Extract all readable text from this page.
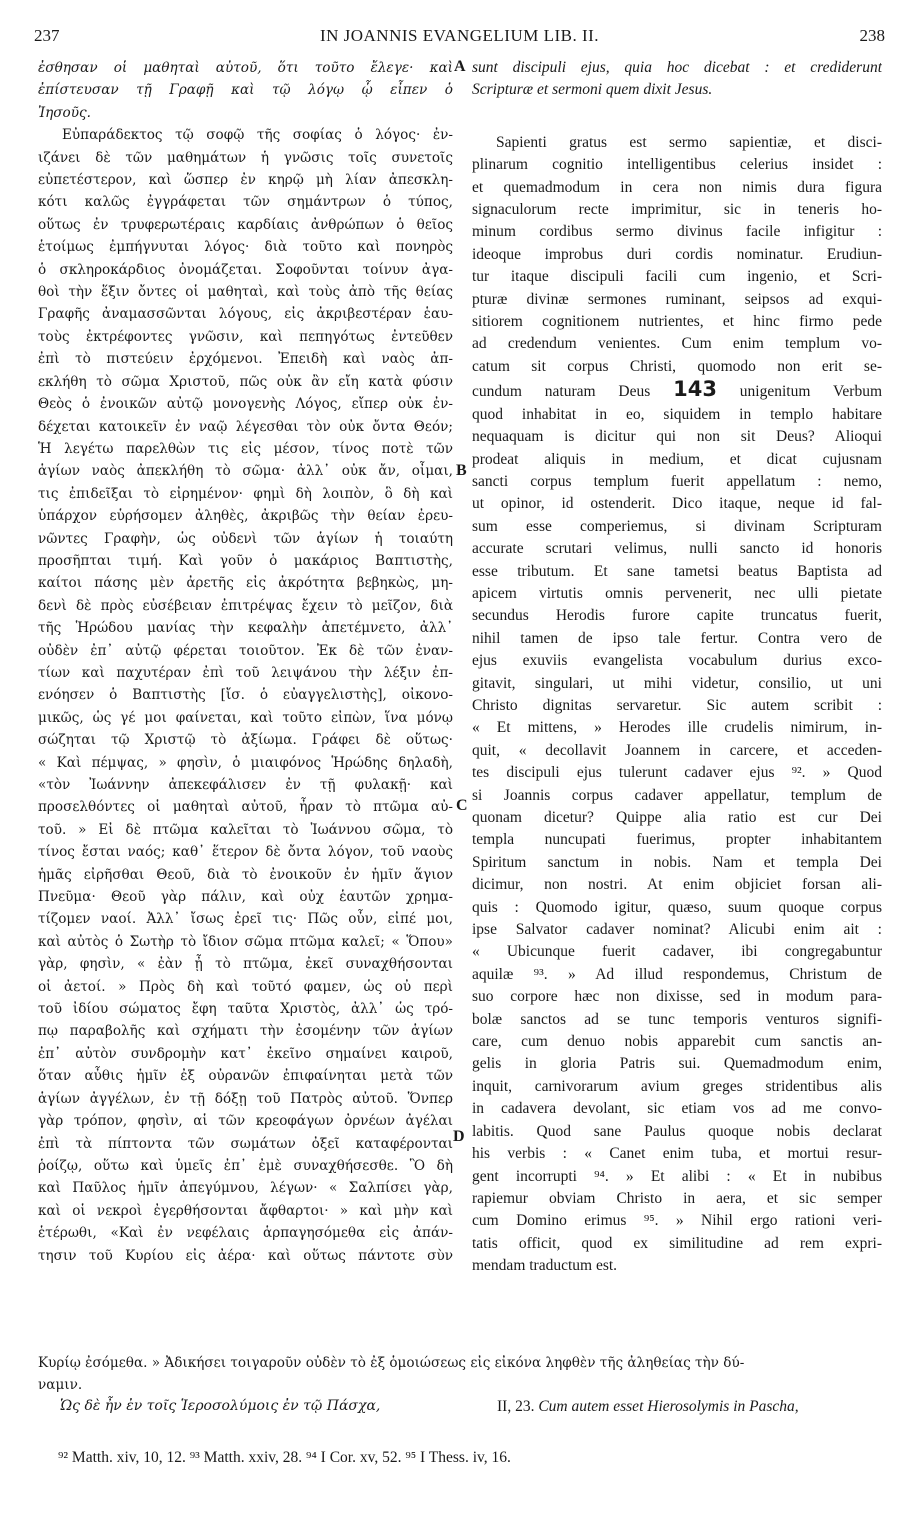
237	IN JOANNIS EVANGELIUM LIB. II.	238
A
B
C
D
ἐσθησαν οἱ μαθηταὶ αὐτοῦ, ὅτι τοῦτο ἔλεγε· καὶ
ἐπίστευσαν τῇ Γραφῇ καὶ τῷ λόγῳ ᾧ εἶπεν ὁ
Ἰησοῦς.
Εὐπαράδεκτος τῷ σοφῷ τῆς σοφίας ὁ λόγος· ἐν-
ιζάνει δὲ τῶν μαθημάτων ἡ γνῶσις τοῖς συνετοῖς
εὐπετέστερον, καὶ ὥσπερ ἐν κηρῷ μὴ λίαν ἀπεσκλη-
κότι καλῶς ἐγγράφεται τῶν σημάντρων ὁ τύπος,
οὕτως ἐν τρυφερωτέραις καρδίαις ἀνθρώπων ὁ θεῖος
ἑτοίμως ἐμπήγνυται λόγος· διὰ τοῦτο καὶ πονηρὸς
ὁ σκληροκάρδιος ὀνομάζεται. Σοφοῦνται τοίνυν ἀγα-
θοὶ τὴν ἕξιν ὄντες οἱ μαθηταὶ, καὶ τοὺς ἀπὸ τῆς θείας
Γραφῆς ἀναμασσῶνται λόγους, εἰς ἀκριβεστέραν ἑαυ-
τοὺς ἐκτρέφοντες γνῶσιν, καὶ πεπηγότως ἐντεῦθεν
ἐπὶ τὸ πιστεύειν ἐρχόμενοι. Ἐπειδὴ καὶ ναὸς ἀπ-
εκλήθη τὸ σῶμα Χριστοῦ, πῶς οὐκ ἂν εἴη κατὰ φύσιν
Θεὸς ὁ ἐνοικῶν αὐτῷ μονογενὴς Λόγος, εἴπερ οὐκ ἐν-
δέχεται κατοικεῖν ἐν ναῷ λέγεσθαι τὸν οὐκ ὄντα Θεόν;
Ἡ λεγέτω παρελθὼν τις εἰς μέσον, τίνος ποτὲ τῶν
ἁγίων ναὸς ἀπεκλήθη τὸ σῶμα· ἀλλ᾽ οὐκ ἄν, οἶμαι,
τις ἐπιδεῖξαι τὸ εἰρημένον· φημὶ δὴ λοιπὸν, ὃ δὴ καὶ
ὑπάρχον εὑρήσομεν ἀληθὲς, ἀκριβῶς τὴν θείαν ἐρευ-
νῶντες Γραφὴν, ὡς οὐδενὶ τῶν ἁγίων ἡ τοιαύτη
προσῆπται τιμή. Καὶ γοῦν ὁ μακάριος Βαπτιστὴς,
καίτοι πάσης μὲν ἀρετῆς εἰς ἀκρότητα βεβηκὼς, μη-
δενὶ δὲ πρὸς εὐσέβειαν ἐπιτρέψας ἔχειν τὸ μεῖζον, διὰ
τῆς Ἡρώδου μανίας τὴν κεφαλὴν ἀπετέμνετο, ἀλλ᾽
οὐδὲν ἐπ᾽ αὐτῷ φέρεται τοιοῦτον. Ἐκ δὲ τῶν ἐναν-
τίων καὶ παχυτέραν ἐπὶ τοῦ λειψάνου τὴν λέξιν ἐπ-
ενόησεν ὁ Βαπτιστὴς [ἴσ. ὁ εὐαγγελιστὴς], οἰκονο-
μικῶς, ὡς γέ μοι φαίνεται, καὶ τοῦτο εἰπὼν, ἵνα μόνῳ
σώζηται τῷ Χριστῷ τὸ ἀξίωμα. Γράφει δὲ οὕτως·
« Καὶ πέμψας, » φησὶν, ὁ μιαιφόνος Ἡρώδης δηλαδὴ,
«τὸν Ἰωάννην ἀπεκεφάλισεν ἐν τῇ φυλακῇ· καὶ
προσελθόντες οἱ μαθηταὶ αὐτοῦ, ἦραν τὸ πτῶμα αὐ-
τοῦ. » Εἰ δὲ πτῶμα καλεῖται τὸ Ἰωάννου σῶμα, τὸ
τίνος ἔσται ναός; καθ᾽ ἕτερον δὲ ὄντα λόγον, τοῦ ναοὺς
ἡμᾶς εἰρῆσθαι Θεοῦ, διὰ τὸ ἐνοικοῦν ἐν ἡμῖν ἅγιον
Πνεῦμα· Θεοῦ γὰρ πάλιν, καὶ οὐχ ἑαυτῶν χρημα-
τίζομεν ναοί. Ἀλλ᾽ ἴσως ἐρεῖ τις· Πῶς οὖν, εἰπέ μοι,
καὶ αὐτὸς ὁ Σωτὴρ τὸ ἴδιον σῶμα πτῶμα καλεῖ; « Ὅπου»
γὰρ, φησὶν, « ἐὰν ᾖ τὸ πτῶμα, ἐκεῖ συναχθήσονται
οἱ ἀετοί. » Πρὸς δὴ καὶ τοῦτό φαμεν, ὡς οὐ περὶ
τοῦ ἰδίου σώματος ἔφη ταῦτα Χριστὸς, ἀλλ᾽ ὡς τρό-
πῳ παραβολῆς καὶ σχήματι τὴν ἐσομένην τῶν ἁγίων
ἐπ᾽ αὐτὸν συνδρομὴν κατ᾽ ἐκεῖνο σημαίνει καιροῦ,
ὅταν αὖθις ἡμῖν ἐξ οὐρανῶν ἐπιφαίνηται μετὰ τῶν
ἁγίων ἀγγέλων, ἐν τῇ δόξῃ τοῦ Πατρὸς αὐτοῦ. Ὅνπερ
γὰρ τρόπον, φησὶν, αἱ τῶν κρεοφάγων ὀρνέων ἀγέλαι
ἐπὶ τὰ πίπτοντα τῶν σωμάτων ὀξεῖ καταφέρονται
ῥοίζῳ, οὕτω καὶ ὑμεῖς ἐπ᾽ ἐμὲ συναχθήσεσθε. Ὃ δὴ
καὶ Παῦλος ἡμῖν ἀπεγύμνου, λέγων· « Σαλπίσει γὰρ,
καὶ οἱ νεκροὶ ἐγερθήσονται ἄφθαρτοι· » καὶ μὴν καὶ
ἑτέρωθι, «Καὶ ἐν νεφέλαις ἁρπαγησόμεθα εἰς ἀπάν-
τησιν τοῦ Κυρίου εἰς ἀέρα· καὶ οὕτως πάντοτε σὺν
sunt discipuli ejus, quia hoc dicebat : et crediderunt
Scripturæ et sermoni quem dixit Jesus.
Sapienti gratus est sermo sapientiæ, et disci-
plinarum cognitio intelligentibus celerius insidet :
et quemadmodum in cera non nimis dura figura
signaculorum recte imprimitur, sic in teneris ho-
minum cordibus sermo divinus facile infigitur :
ideoque improbus duri cordis nominatur. Erudiun-
tur itaque discipuli facili cum ingenio, et Scri-
pturæ divinæ sermones ruminant, seipsos ad exqui-
sitiorem cognitionem nutrientes, et hinc firmo pede
ad credendum venientes. Cum enim templum vo-
catum sit corpus Christi, quomodo non erit se-
cundum naturam Deus 143 unigenitum Verbum
quod inhabitat in eo, siquidem in templo habitare
nequaquam is dicitur qui non sit Deus? Alioqui
prodeat aliquis in medium, et dicat cujusnam
sancti corpus templum fuerit appellatum : nemo,
ut opinor, id ostenderit. Dico itaque, neque id fal-
sum esse comperiemus, si divinam Scripturam
accurate scrutari velimus, nulli sancto id honoris
esse tributum. Et sane tametsi beatus Baptista ad
apicem virtutis omnis pervenerit, nec ulli pietate
secundus Herodis furore capite truncatus fuerit,
nihil tamen de ipso tale fertur. Contra vero de
ejus exuviis evangelista vocabulum durius exco-
gitavit, singulari, ut mihi videtur, consilio, ut uni
Christo dignitas servaretur. Sic autem scribit :
« Et mittens, » Herodes ille crudelis nimirum, in-
quit, « decollavit Joannem in carcere, et acceden-
tes discipuli ejus tulerunt cadaver ejus ⁹². » Quod
si Joannis corpus cadaver appellatur, templum de
quonam dicetur? Quippe alia ratio est cur Dei
templa nuncupati fuerimus, propter inhabitantem
Spiritum sanctum in nobis. Nam et templa Dei
dicimur, non nostri. At enim objiciet forsan ali-
quis : Quomodo igitur, quæso, suum quoque corpus
ipse Salvator cadaver nominat? Alicubi enim ait :
« Ubicunque fuerit cadaver, ibi congregabuntur
aquilæ ⁹³. » Ad illud respondemus, Christum de
suo corpore hæc non dixisse, sed in modum para-
bolæ sanctos ad se tunc temporis venturos signifi-
care, cum denuo nobis apparebit cum sanctis an-
gelis in gloria Patris sui. Quemadmodum enim,
inquit, carnivorarum avium greges stridentibus alis
in cadavera devolant, sic etiam vos ad me convo-
labitis. Quod sane Paulus quoque nobis declarat
his verbis : « Canet enim tuba, et mortui resur-
gent incorrupti ⁹⁴. » Et alibi : « Et in nubibus
rapiemur obviam Christo in aera, et sic semper
cum Domino erimus ⁹⁵. » Nihil ergo rationi veri-
tatis officit, quod ex similitudine ad rem expri-
mendam traductum est.
Κυρίῳ ἐσόμεθα. » Ἀδικήσει τοιγαροῦν οὐδὲν τὸ ἐξ ὁμοιώσεως εἰς εἰκόνα ληφθὲν τῆς ἀληθείας τὴν δύ-
ναμιν.
Ὡς δὲ ἦν ἐν τοῖς Ἱεροσολύμοις ἐν τῷ Πάσχα,	II, 23. Cum autem esset Hierosolymis in Pascha,
⁹² Matth. xiv, 10, 12. ⁹³ Matth. xxiv, 28. ⁹⁴ I Cor. xv, 52. ⁹⁵ I Thess. iv, 16.
